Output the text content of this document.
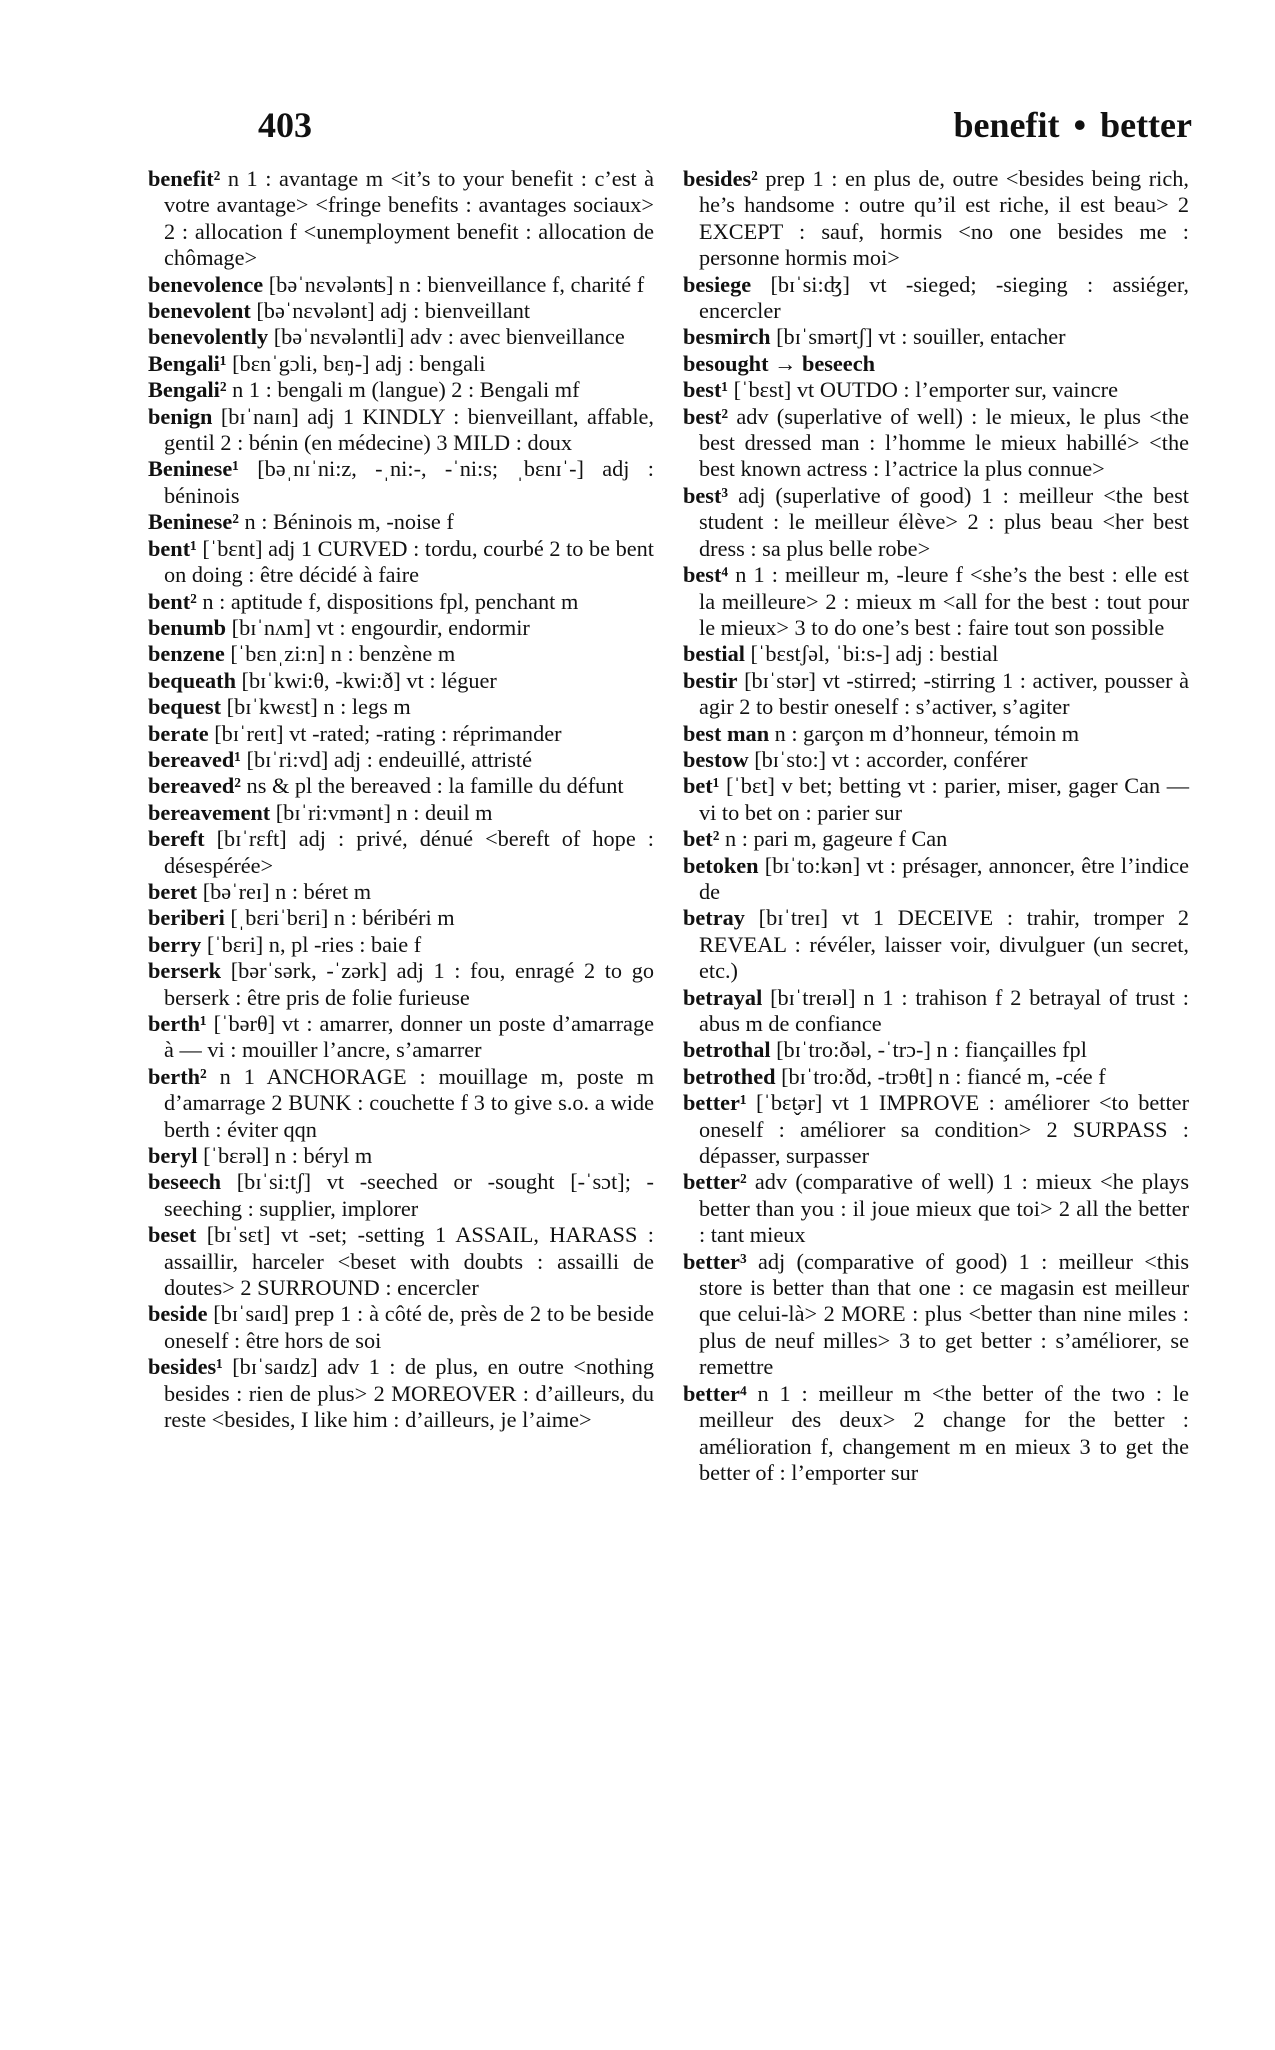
403	benefit • better

benefit² n 1 : avantage m <it’s to your benefit : c’est à votre avantage> <fringe benefits : avantages sociaux> 2 : allocation f <unemployment benefit : allocation de chômage>

benevolence [bəˈnɛvələnʦ] n : bienveillance f, charité f

benevolent [bəˈnɛvələnt] adj : bienveillant

benevolently [bəˈnɛvələntli] adv : avec bienveillance

Bengali¹ [bɛnˈgɔli, bɛŋ-] adj : bengali

Bengali² n 1 : bengali m (langue) 2 : Bengali mf

benign [bɪˈnaɪn] adj 1 KINDLY : bienveillant, affable, gentil 2 : bénin (en médecine) 3 MILD : doux

Beninese¹ [bəˌnɪˈni:z, -ˌni:-, -ˈni:s; ˌbɛnɪˈ-] adj : béninois

Beninese² n : Béninois m, -noise f

bent¹ [ˈbɛnt] adj 1 CURVED : tordu, courbé 2 to be bent on doing : être décidé à faire

bent² n : aptitude f, dispositions fpl, penchant m

benumb [bɪˈnʌm] vt : engourdir, endormir

benzene [ˈbɛnˌzi:n] n : benzène m

bequeath [bɪˈkwi:θ, -kwi:ð] vt : léguer

bequest [bɪˈkwɛst] n : legs m

berate [bɪˈreɪt] vt -rated; -rating : réprimander

bereaved¹ [bɪˈri:vd] adj : endeuillé, attristé

bereaved² ns & pl the bereaved : la famille du défunt

bereavement [bɪˈri:vmənt] n : deuil m

bereft [bɪˈrɛft] adj : privé, dénué <bereft of hope : désespérée>

beret [bəˈreɪ] n : béret m

beriberi [ˌbɛriˈbɛri] n : béribéri m

berry [ˈbɛri] n, pl -ries : baie f

berserk [bərˈsərk, -ˈzərk] adj 1 : fou, enragé 2 to go berserk : être pris de folie furieuse

berth¹ [ˈbərθ] vt : amarrer, donner un poste d’amarrage à — vi : mouiller l’ancre, s’amarrer

berth² n 1 ANCHORAGE : mouillage m, poste m d’amarrage 2 BUNK : couchette f 3 to give s.o. a wide berth : éviter qqn

beryl [ˈbɛrəl] n : béryl m

beseech [bɪˈsi:tʃ] vt -seeched or -sought [-ˈsɔt]; -seeching : supplier, implorer

beset [bɪˈsɛt] vt -set; -setting 1 ASSAIL, HARASS : assaillir, harceler <beset with doubts : assailli de doutes> 2 SURROUND : encercler

beside [bɪˈsaɪd] prep 1 : à côté de, près de 2 to be beside oneself : être hors de soi

besides¹ [bɪˈsaɪdz] adv 1 : de plus, en outre <nothing besides : rien de plus> 2 MOREOVER : d’ailleurs, du reste <besides, I like him : d’ailleurs, je l’aime>

besides² prep 1 : en plus de, outre <besides being rich, he’s handsome : outre qu’il est riche, il est beau> 2 EXCEPT : sauf, hormis <no one besides me : personne hormis moi>

besiege [bɪˈsi:ʤ] vt -sieged; -sieging : assiéger, encercler

besmirch [bɪˈsmərtʃ] vt : souiller, entacher

besought → beseech

best¹ [ˈbɛst] vt OUTDO : l’emporter sur, vaincre

best² adv (superlative of well) : le mieux, le plus <the best dressed man : l’homme le mieux habillé> <the best known actress : l’actrice la plus connue>

best³ adj (superlative of good) 1 : meilleur <the best student : le meilleur élève> 2 : plus beau <her best dress : sa plus belle robe>

best⁴ n 1 : meilleur m, -leure f <she’s the best : elle est la meilleure> 2 : mieux m <all for the best : tout pour le mieux> 3 to do one’s best : faire tout son possible

bestial [ˈbɛstʃəl, ˈbi:s-] adj : bestial

bestir [bɪˈstər] vt -stirred; -stirring 1 : activer, pousser à agir 2 to bestir oneself : s’activer, s’agiter

best man n : garçon m d’honneur, témoin m

bestow [bɪˈsto:] vt : accorder, conférer

bet¹ [ˈbɛt] v bet; betting vt : parier, miser, gager Can — vi to bet on : parier sur

bet² n : pari m, gageure f Can

betoken [bɪˈto:kən] vt : présager, annoncer, être l’indice de

betray [bɪˈtreɪ] vt 1 DECEIVE : trahir, tromper 2 REVEAL : révéler, laisser voir, divulguer (un secret, etc.)

betrayal [bɪˈtreɪəl] n 1 : trahison f 2 betrayal of trust : abus m de confiance

betrothal [bɪˈtro:ðəl, -ˈtrɔ-] n : fiançailles fpl

betrothed [bɪˈtro:ðd, -trɔθt] n : fiancé m, -cée f

better¹ [ˈbɛt̬ər] vt 1 IMPROVE : améliorer <to better oneself : améliorer sa condition> 2 SURPASS : dépasser, surpasser

better² adv (comparative of well) 1 : mieux <he plays better than you : il joue mieux que toi> 2 all the better : tant mieux

better³ adj (comparative of good) 1 : meilleur <this store is better than that one : ce magasin est meilleur que celui-là> 2 MORE : plus <better than nine miles : plus de neuf milles> 3 to get better : s’améliorer, se remettre

better⁴ n 1 : meilleur m <the better of the two : le meilleur des deux> 2 change for the better : amélioration f, changement m en mieux 3 to get the better of : l’emporter sur
